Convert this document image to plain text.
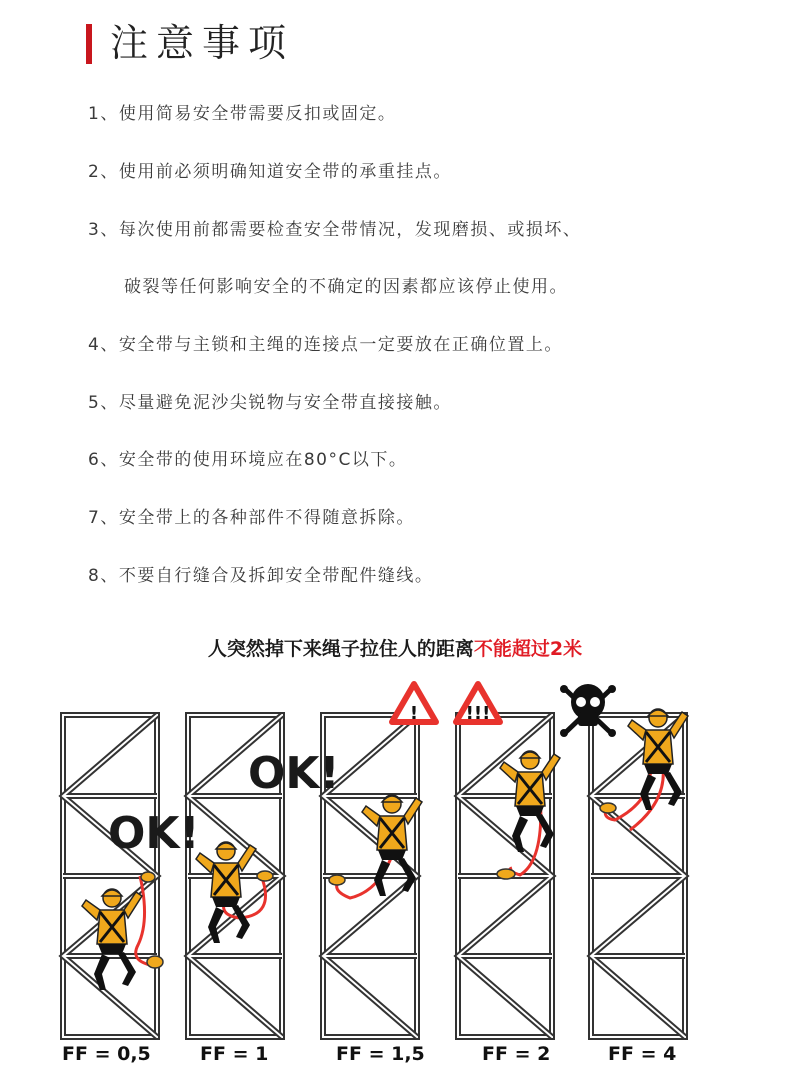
注意事项
1、使用简易安全带需要反扣或固定。
2、使用前必须明确知道安全带的承重挂点。
3、每次使用前都需要检查安全带情况，发现磨损、或损坏、
破裂等任何影响安全的不确定的因素都应该停止使用。
4、安全带与主锁和主绳的连接点一定要放在正确位置上。
5、尽量避免泥沙尖锐物与安全带直接接触。
6、安全带的使用环境应在80°C以下。
7、安全带上的各种部件不得随意拆除。
8、不要自行缝合及拆卸安全带配件缝线。
人突然掉下来绳子拉住人的距离不能超过2米
OK!
OK!
!	!!!
FF = 0,5	FF = 1	FF = 1,5	FF = 2	FF = 4
